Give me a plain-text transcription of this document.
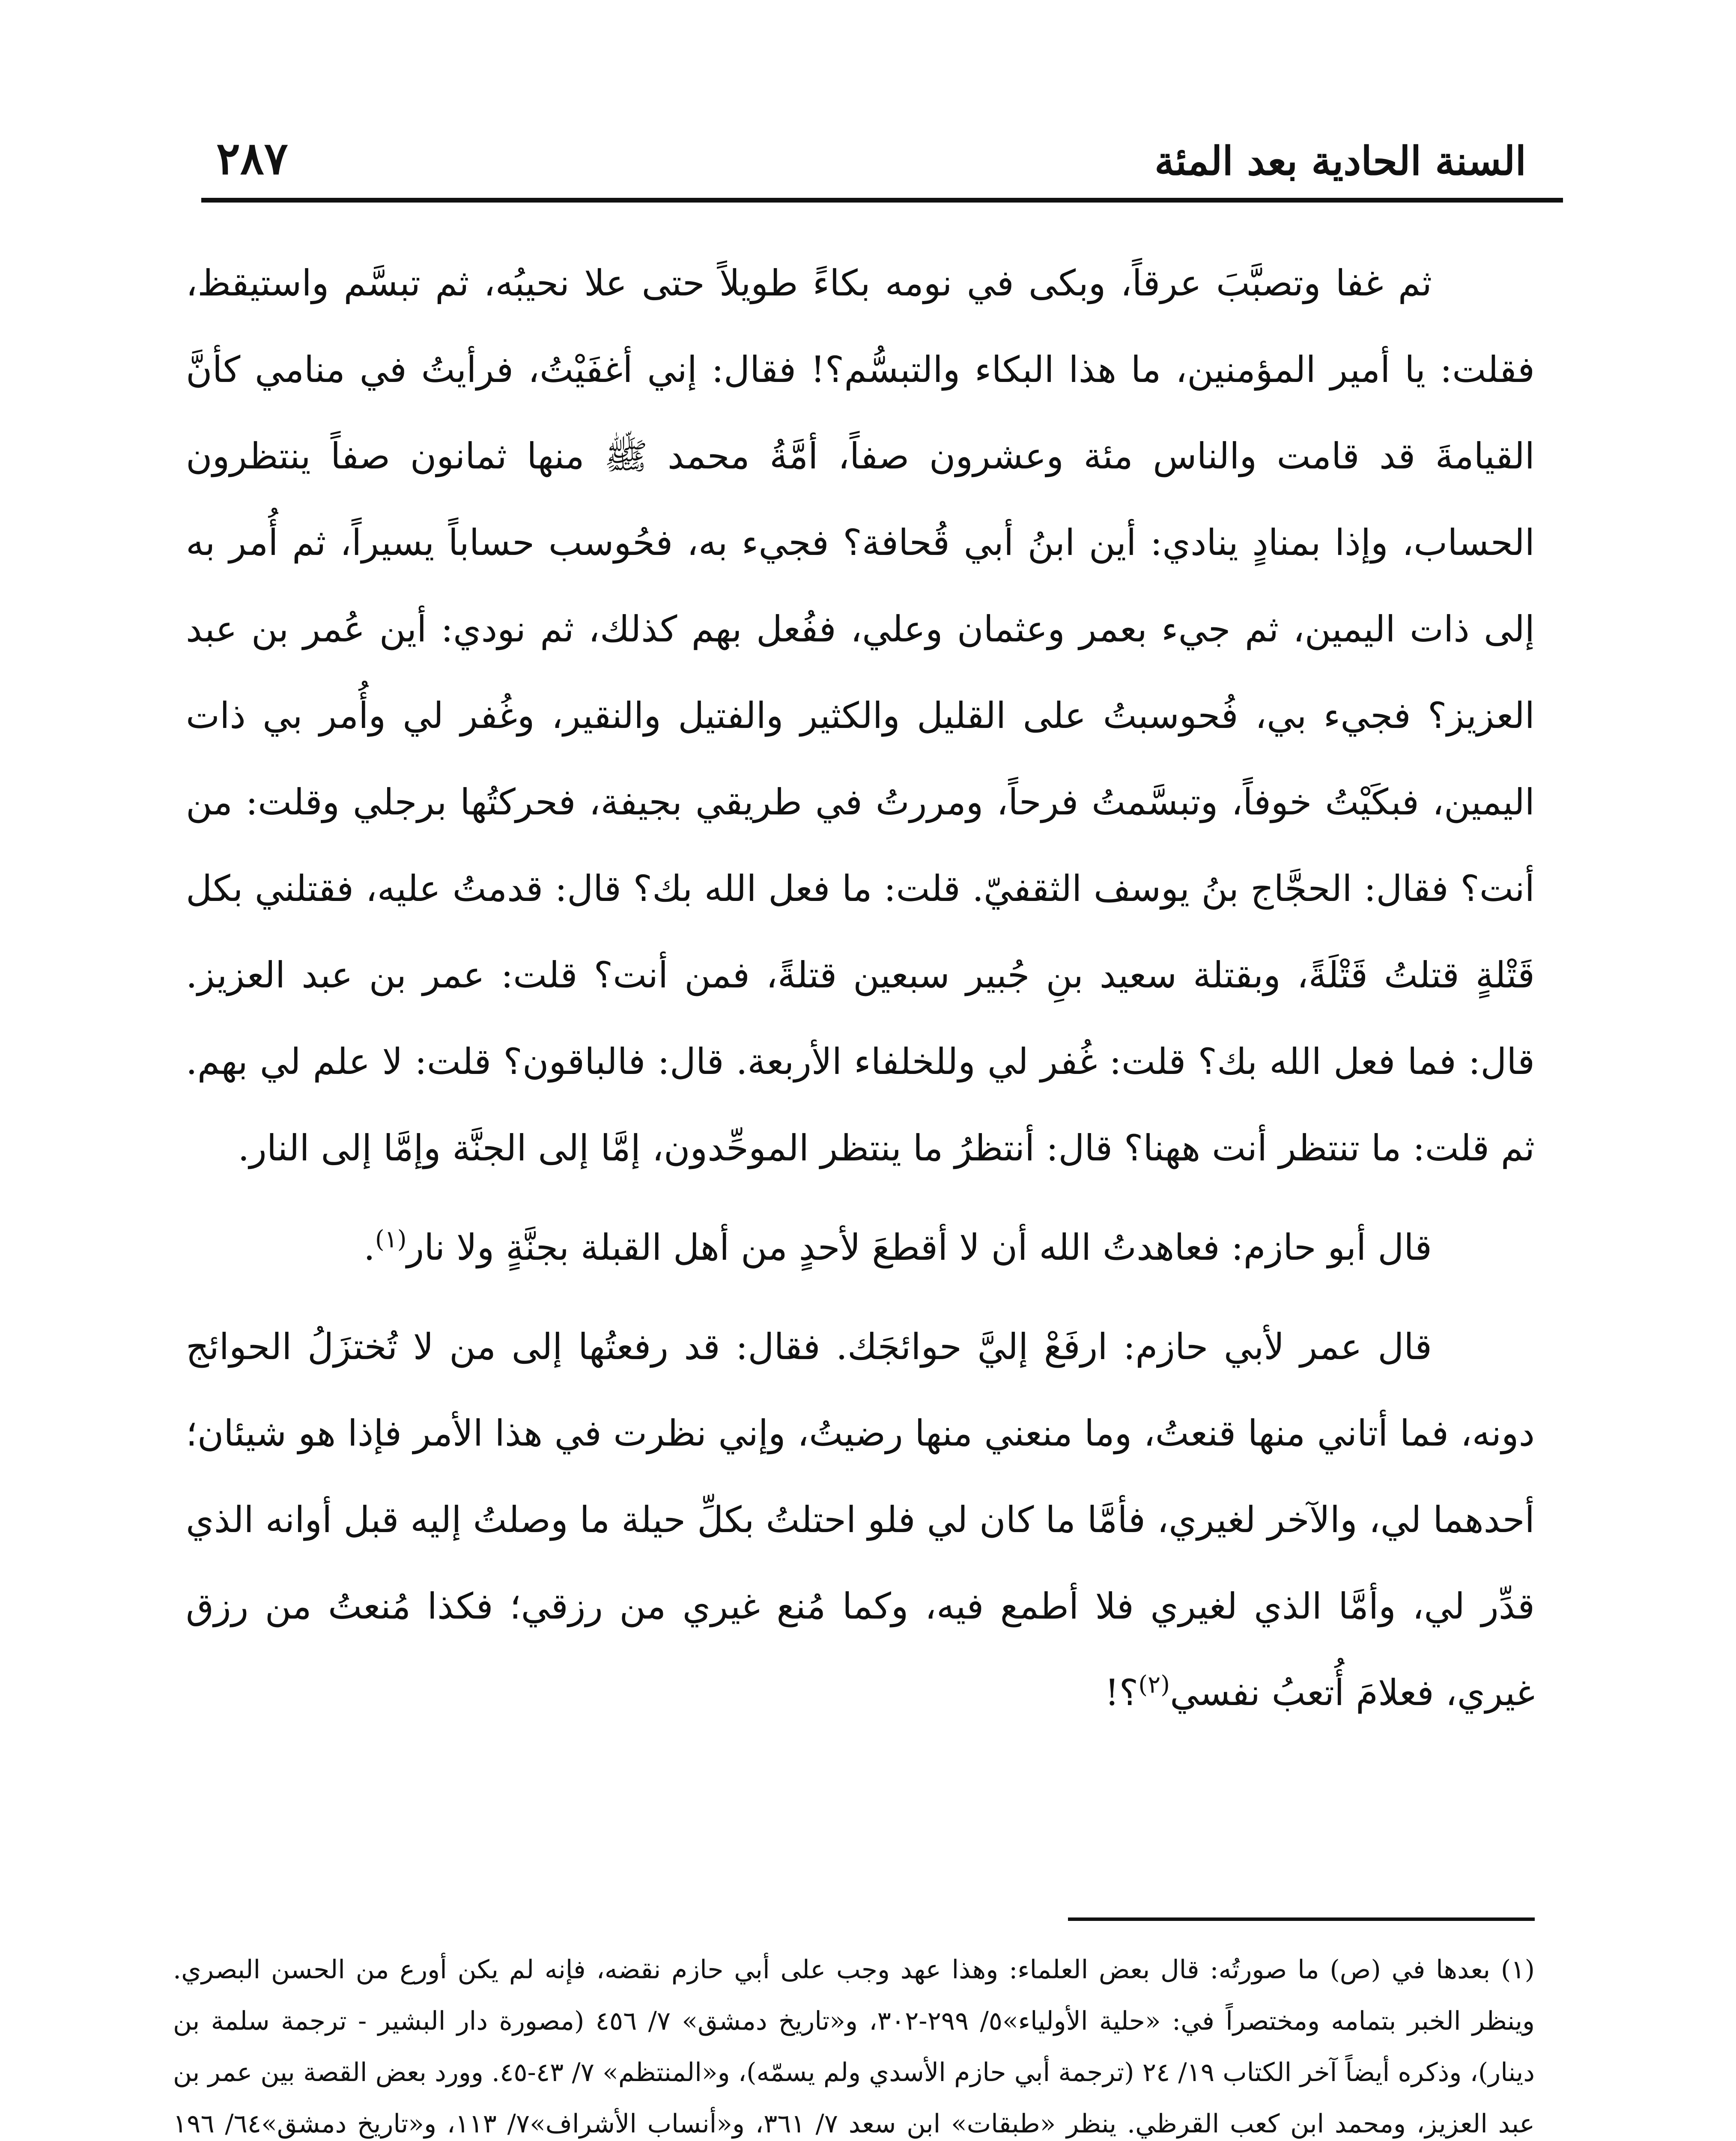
السنة الحادية بعد المئة
٢٨٧

ثم غفا وتصبَّبَ عرقاً، وبكى في نومه بكاءً طويلاً حتى علا نحيبُه، ثم تبسَّم واستيقظ، فقلت: يا أمير المؤمنين، ما هذا البكاء والتبسُّم؟! فقال: إني أغفَيْتُ، فرأيتُ في منامي كأنَّ القيامةَ قد قامت والناس مئة وعشرون صفاً، أمَّةُ محمد ﷺ منها ثمانون صفاً ينتظرون الحساب، وإذا بمنادٍ ينادي: أين ابنُ أبي قُحافة؟ فجيء به، فحُوسب حساباً يسيراً، ثم أُمر به إلى ذات اليمين، ثم جيء بعمر وعثمان وعلي، ففُعل بهم كذلك، ثم نودي: أين عُمر بن عبد العزيز؟ فجيء بي، فُحوسبتُ على القليل والكثير والفتيل والنقير، وغُفر لي وأُمر بي ذات اليمين، فبكَيْتُ خوفاً، وتبسَّمتُ فرحاً، ومررتُ في طريقي بجيفة، فحركتُها برجلي وقلت: من أنت؟ فقال: الحجَّاج بنُ يوسف الثقفيّ. قلت: ما فعل الله بك؟ قال: قدمتُ عليه، فقتلني بكل قَتْلةٍ قتلتُ قَتْلَةً، وبقتلة سعيد بنِ جُبير سبعين قتلةً، فمن أنت؟ قلت: عمر بن عبد العزيز. قال: فما فعل الله بك؟ قلت: غُفر لي وللخلفاء الأربعة. قال: فالباقون؟ قلت: لا علم لي بهم. ثم قلت: ما تنتظر أنت ههنا؟ قال: أنتظرُ ما ينتظر الموحِّدون، إمَّا إلى الجنَّة وإمَّا إلى النار.

قال أبو حازم: فعاهدتُ الله أن لا أقطعَ لأحدٍ من أهل القبلة بجنَّةٍ ولا نار$^{(١)}$.

قال عمر لأبي حازم: ارفَعْ إليَّ حوائجَك. فقال: قد رفعتُها إلى من لا تُختزَلُ الحوائج دونه، فما أتاني منها قنعتُ، وما منعني منها رضيتُ، وإني نظرت في هذا الأمر فإذا هو شيئان؛ أحدهما لي، والآخر لغيري، فأمَّا ما كان لي فلو احتلتُ بكلِّ حيلة ما وصلتُ إليه قبل أوانه الذي قدِّر لي، وأمَّا الذي لغيري فلا أطمع فيه، وكما مُنع غيري من رزقي؛ فكذا مُنعتُ من رزق غيري، فعلامَ أُتعبُ نفسي$^{(٢)}$؟!

(١) بعدها في (ص) ما صورتُه: قال بعض العلماء: وهذا عهد وجب على أبي حازم نقضه، فإنه لم يكن أورع من الحسن البصري. وينظر الخبر بتمامه ومختصراً في: «حلية الأولياء»٥/ ٢٩٩-٣٠٢، و«تاريخ دمشق» ٧/ ٤٥٦ (مصورة دار البشير - ترجمة سلمة بن دينار)، وذكره أيضاً آخر الكتاب ١٩/ ٢٤ (ترجمة أبي حازم الأسدي ولم يسمّه)، و«المنتظم» ٧/ ٤٣-٤٥. وورد بعض القصة بين عمر بن عبد العزيز، ومحمد ابن كعب القرظي. ينظر «طبقات» ابن سعد ٧/ ٣٦١، و«أنساب الأشراف»٧/ ١١٣، و«تاريخ دمشق»٦٤/ ١٩٦
